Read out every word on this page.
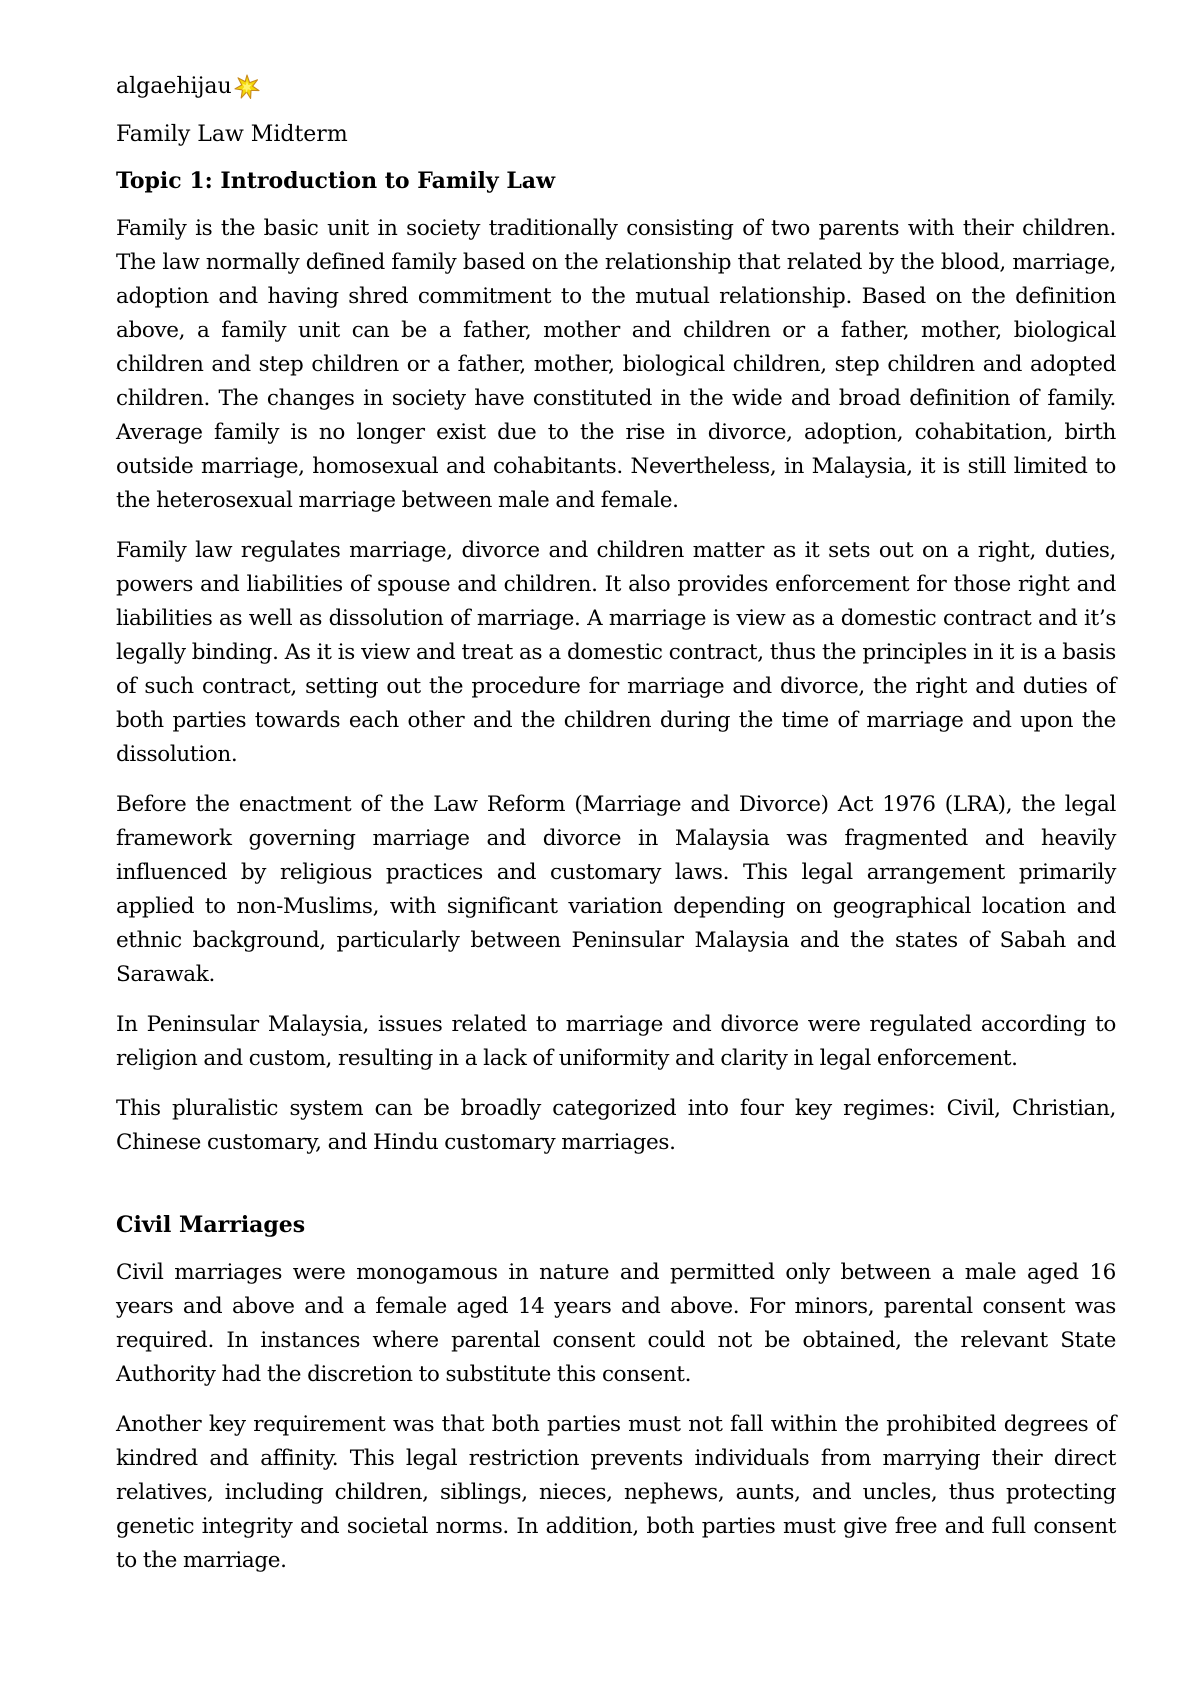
algaehijau
Family Law Midterm
Topic 1: Introduction to Family Law

Family is the basic unit in society traditionally consisting of two parents with their children. The law normally defined family based on the relationship that related by the blood, marriage, adoption and having shred commitment to the mutual relationship. Based on the definition above, a family unit can be a father, mother and children or a father, mother, biological children and step children or a father, mother, biological children, step children and adopted children. The changes in society have constituted in the wide and broad definition of family. Average family is no longer exist due to the rise in divorce, adoption, cohabitation, birth outside marriage, homosexual and cohabitants. Nevertheless, in Malaysia, it is still limited to the heterosexual marriage between male and female.

Family law regulates marriage, divorce and children matter as it sets out on a right, duties, powers and liabilities of spouse and children. It also provides enforcement for those right and liabilities as well as dissolution of marriage. A marriage is view as a domestic contract and it’s legally binding. As it is view and treat as a domestic contract, thus the principles in it is a basis of such contract, setting out the procedure for marriage and divorce, the right and duties of both parties towards each other and the children during the time of marriage and upon the dissolution.

Before the enactment of the Law Reform (Marriage and Divorce) Act 1976 (LRA), the legal framework governing marriage and divorce in Malaysia was fragmented and heavily influenced by religious practices and customary laws. This legal arrangement primarily applied to non-Muslims, with significant variation depending on geographical location and ethnic background, particularly between Peninsular Malaysia and the states of Sabah and Sarawak.

In Peninsular Malaysia, issues related to marriage and divorce were regulated according to religion and custom, resulting in a lack of uniformity and clarity in legal enforcement.

This pluralistic system can be broadly categorized into four key regimes: Civil, Christian, Chinese customary, and Hindu customary marriages.

Civil Marriages

Civil marriages were monogamous in nature and permitted only between a male aged 16 years and above and a female aged 14 years and above. For minors, parental consent was required. In instances where parental consent could not be obtained, the relevant State Authority had the discretion to substitute this consent.

Another key requirement was that both parties must not fall within the prohibited degrees of kindred and affinity. This legal restriction prevents individuals from marrying their direct relatives, including children, siblings, nieces, nephews, aunts, and uncles, thus protecting genetic integrity and societal norms. In addition, both parties must give free and full consent to the marriage.
